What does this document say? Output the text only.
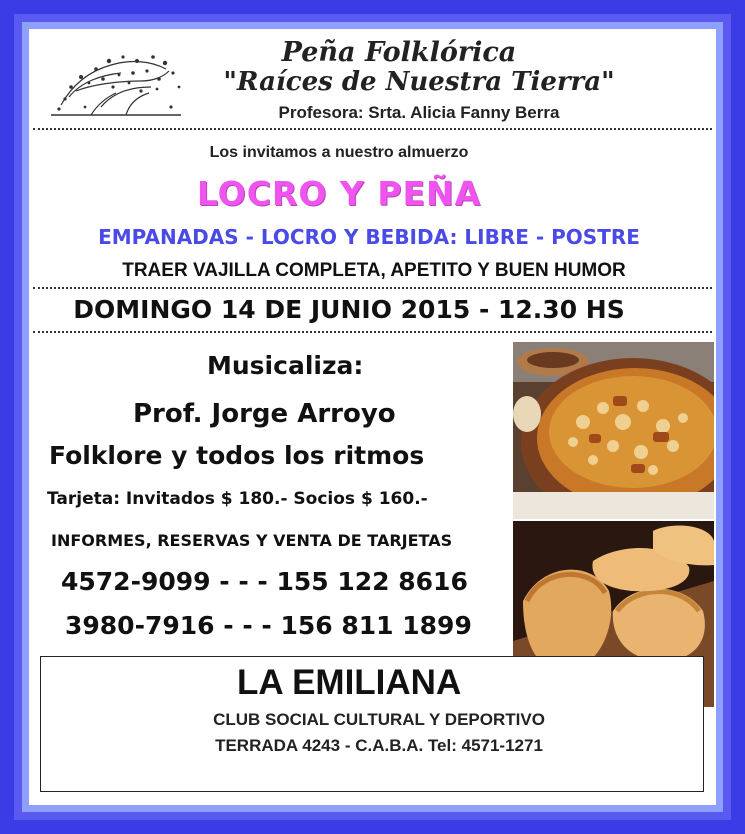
Peña Folklórica
"Raíces de Nuestra Tierra"
Profesora: Srta. Alicia Fanny Berra
Los invitamos a nuestro almuerzo
LOCRO Y PEÑA
EMPANADAS - LOCRO Y BEBIDA: LIBRE - POSTRE
TRAER VAJILLA COMPLETA, APETITO Y BUEN HUMOR
DOMINGO 14 DE JUNIO 2015 - 12.30 HS
Musicaliza:
Prof. Jorge Arroyo
Folklore y todos los ritmos
Tarjeta: Invitados $ 180.- Socios $ 160.-
INFORMES, RESERVAS Y VENTA DE TARJETAS
4572-9099 - - - 155 122 8616
3980-7916 - - - 156 811 1899
LA EMILIANA
CLUB SOCIAL CULTURAL Y DEPORTIVO
TERRADA 4243 - C.A.B.A. Tel: 4571-1271
